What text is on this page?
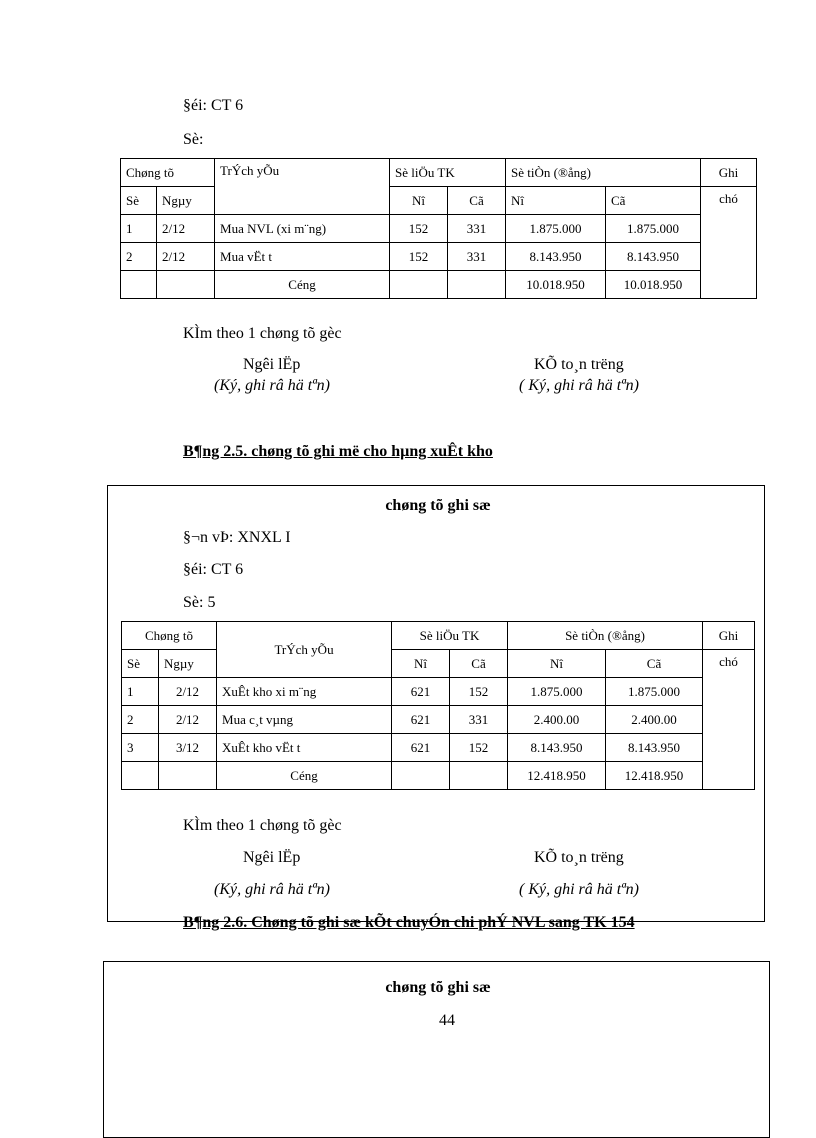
§éi: CT 6
Sè:
Chøng tõ		TrÝch yÕu	Sè liÖu TK		Sè tiÒn (®ång)		Ghi
Sè	Ngµy		Nî	Cã	Nî	Cã	chó
1	2/12	Mua NVL (xi m¨ng)	152	331	1.875.000	1.875.000	
2	2/12	Mua vËt t	152	331	8.143.950	8.143.950	
		Céng			10.018.950	10.018.950	
KÌm theo 1 chøng tõ gèc
Ngêi lËp
(Ký, ghi râ hä tªn)
KÕ to¸n trëng
( Ký, ghi râ hä tªn)
B¶ng 2.5. chøng tõ ghi më cho hµng xuÊt kho
chøng tõ ghi sæ
§¬n vÞ: XNXL I
§éi: CT 6
Sè: 5
Chøng tõ		TrÝch yÕu	Sè liÖu TK		Sè tiÒn (®ång)		Ghi
Sè	Ngµy		Nî	Cã	Nî	Cã	chó
1	2/12	XuÊt kho xi m¨ng	621	152	1.875.000	1.875.000	
2	2/12	Mua c¸t vµng	621	331	2.400.00	2.400.00	
3	3/12	XuÊt kho vËt t	621	152	8.143.950	8.143.950	
		Céng			12.418.950	12.418.950	
KÌm theo 1 chøng tõ gèc
Ngêi lËp
(Ký, ghi râ hä tªn)
KÕ to¸n trëng
( Ký, ghi râ hä tªn)
B¶ng 2.6. Chøng tõ ghi sæ kÕt chuyÓn chi phÝ NVL sang TK 154
chøng tõ ghi sæ
44
